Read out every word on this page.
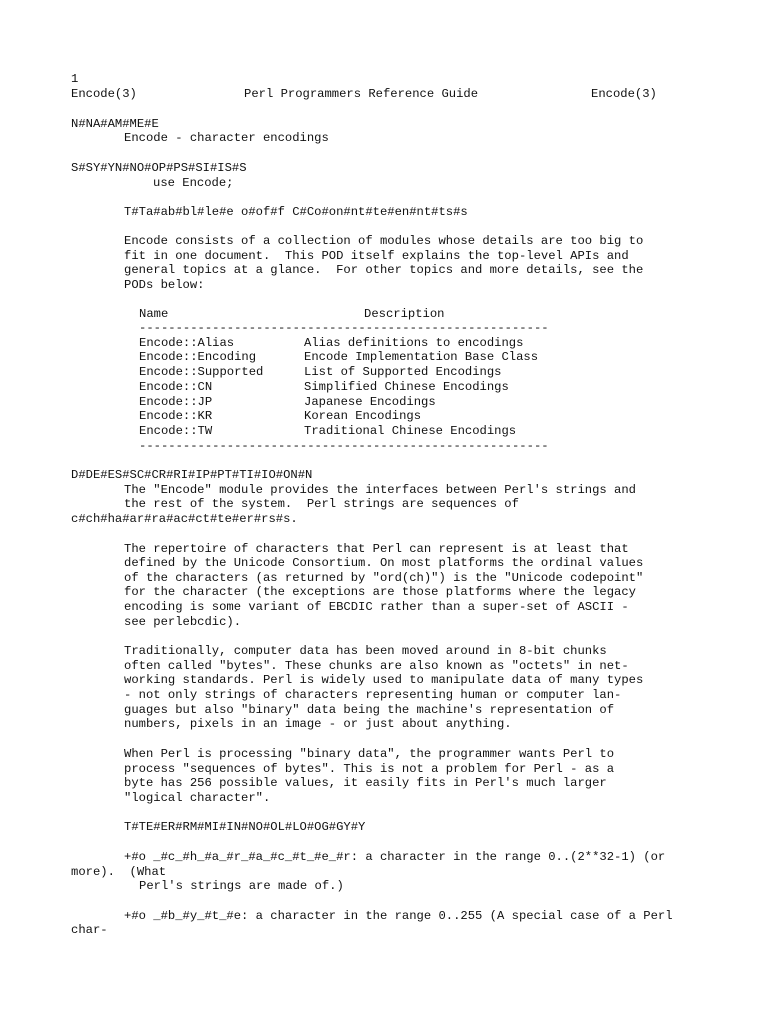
1
Encode(3)	Perl Programmers Reference Guide	Encode(3)
N#NA#AM#ME#E
Encode - character encodings
S#SY#YN#NO#OP#PS#SI#IS#S
use Encode;
T#Ta#ab#bl#le#e o#of#f C#Co#on#nt#te#en#nt#ts#s
Encode consists of a collection of modules whose details are too big to
fit in one document.  This POD itself explains the top-level APIs and
general topics at a glance.  For other topics and more details, see the
PODs below:
Name	Description
--------------------------------------------------------
Encode::Alias	Alias definitions to encodings
Encode::Encoding	Encode Implementation Base Class
Encode::Supported	List of Supported Encodings
Encode::CN	Simplified Chinese Encodings
Encode::JP	Japanese Encodings
Encode::KR	Korean Encodings
Encode::TW	Traditional Chinese Encodings
--------------------------------------------------------
D#DE#ES#SC#CR#RI#IP#PT#TI#IO#ON#N
The "Encode" module provides the interfaces between Perl's strings and
the rest of the system.  Perl strings are sequences of
c#ch#ha#ar#ra#ac#ct#te#er#rs#s.
The repertoire of characters that Perl can represent is at least that
defined by the Unicode Consortium. On most platforms the ordinal values
of the characters (as returned by "ord(ch)") is the "Unicode codepoint"
for the character (the exceptions are those platforms where the legacy
encoding is some variant of EBCDIC rather than a super-set of ASCII -
see perlebcdic).
Traditionally, computer data has been moved around in 8-bit chunks
often called "bytes". These chunks are also known as "octets" in net-
working standards. Perl is widely used to manipulate data of many types
- not only strings of characters representing human or computer lan-
guages but also "binary" data being the machine's representation of
numbers, pixels in an image - or just about anything.
When Perl is processing "binary data", the programmer wants Perl to
process "sequences of bytes". This is not a problem for Perl - as a
byte has 256 possible values, it easily fits in Perl's much larger
"logical character".
T#TE#ER#RM#MI#IN#NO#OL#LO#OG#GY#Y
+#o _#c_#h_#a_#r_#a_#c_#t_#e_#r: a character in the range 0..(2**32-1) (or
more).  (What
Perl's strings are made of.)
+#o _#b_#y_#t_#e: a character in the range 0..255 (A special case of a Perl
char-
